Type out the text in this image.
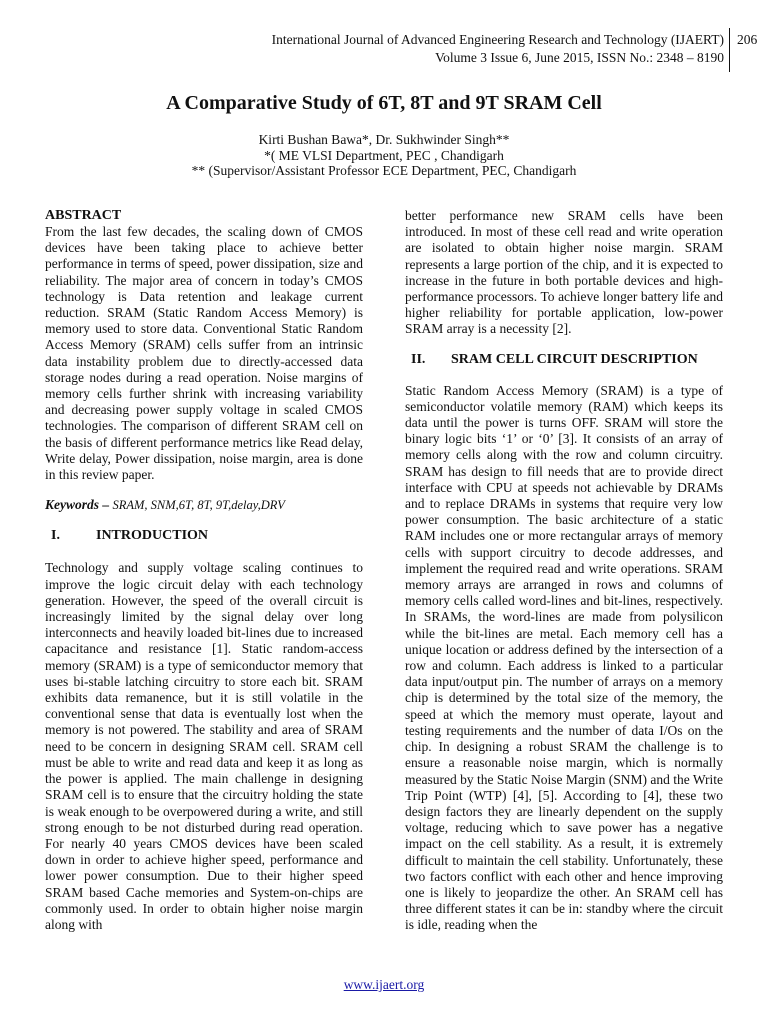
International Journal of Advanced Engineering Research and Technology (IJAERT)
Volume 3 Issue 6, June 2015, ISSN No.: 2348 – 8190
206
A Comparative Study of 6T, 8T and 9T SRAM Cell
Kirti Bushan Bawa*, Dr. Sukhwinder Singh**
*( ME VLSI Department, PEC , Chandigarh
** (Supervisor/Assistant Professor ECE Department, PEC, Chandigarh

ABSTRACT

From the last few decades, the scaling down of CMOS devices have been taking place to achieve better performance in terms of speed, power dissipation, size and reliability. The major area of concern in today’s CMOS technology is Data retention and leakage current reduction. SRAM (Static Random Access Memory) is memory used to store data. Conventional Static Random Access Memory (SRAM) cells suffer from an intrinsic data instability problem due to directly-accessed data storage nodes during a read operation. Noise margins of memory cells further shrink with increasing variability and decreasing power supply voltage in scaled CMOS technologies. The comparison of different SRAM cell on the basis of different performance metrics like Read delay, Write delay, Power dissipation, noise margin, area is done in this review paper.

Keywords – SRAM, SNM,6T, 8T, 9T,delay,DRV

I.	INTRODUCTION

Technology and supply voltage scaling continues to improve the logic circuit delay with each technology generation. However, the speed of the overall circuit is increasingly limited by the signal delay over long interconnects and heavily loaded bit-lines due to increased capacitance and resistance [1]. Static random-access memory (SRAM) is a type of semiconductor memory that uses bi-stable latching circuitry to store each bit. SRAM exhibits data remanence, but it is still volatile in the conventional sense that data is eventually lost when the memory is not powered. The stability and area of SRAM need to be concern in designing SRAM cell. SRAM cell must be able to write and read data and keep it as long as the power is applied. The main challenge in designing SRAM cell is to ensure that the circuitry holding the state is weak enough to be overpowered during a write, and still strong enough to be not disturbed during read operation. For nearly 40 years CMOS devices have been scaled down in order to achieve higher speed, performance and lower power consumption. Due to their higher speed SRAM based Cache memories and System-on-chips are commonly used. In order to obtain higher noise margin along with

better performance new SRAM cells have been introduced. In most of these cell read and write operation are isolated to obtain higher noise margin. SRAM represents a large portion of the chip, and it is expected to increase in the future in both portable devices and high-performance processors. To achieve longer battery life and higher reliability for portable application, low-power SRAM array is a necessity [2].

II. SRAM CELL CIRCUIT DESCRIPTION

Static Random Access Memory (SRAM) is a type of semiconductor volatile memory (RAM) which keeps its data until the power is turns OFF. SRAM will store the binary logic bits ‘1’ or ‘0’ [3]. It consists of an array of memory cells along with the row and column circuitry. SRAM has design to fill needs that are to provide direct interface with CPU at speeds not achievable by DRAMs and to replace DRAMs in systems that require very low power consumption. The basic architecture of a static RAM includes one or more rectangular arrays of memory cells with support circuitry to decode addresses, and implement the required read and write operations. SRAM memory arrays are arranged in rows and columns of memory cells called word-lines and bit-lines, respectively. In SRAMs, the word-lines are made from polysilicon while the bit-lines are metal. Each memory cell has a unique location or address defined by the intersection of a row and column. Each address is linked to a particular data input/output pin. The number of arrays on a memory chip is determined by the total size of the memory, the speed at which the memory must operate, layout and testing requirements and the number of data I/Os on the chip. In designing a robust SRAM the challenge is to ensure a reasonable noise margin, which is normally measured by the Static Noise Margin (SNM) and the Write Trip Point (WTP) [4], [5]. According to [4], these two design factors they are linearly dependent on the supply voltage, reducing which to save power has a negative impact on the cell stability. As a result, it is extremely difficult to maintain the cell stability. Unfortunately, these two factors conflict with each other and hence improving one is likely to jeopardize the other. An SRAM cell has three different states it can be in: standby where the circuit is idle, reading when the

www.ijaert.org
